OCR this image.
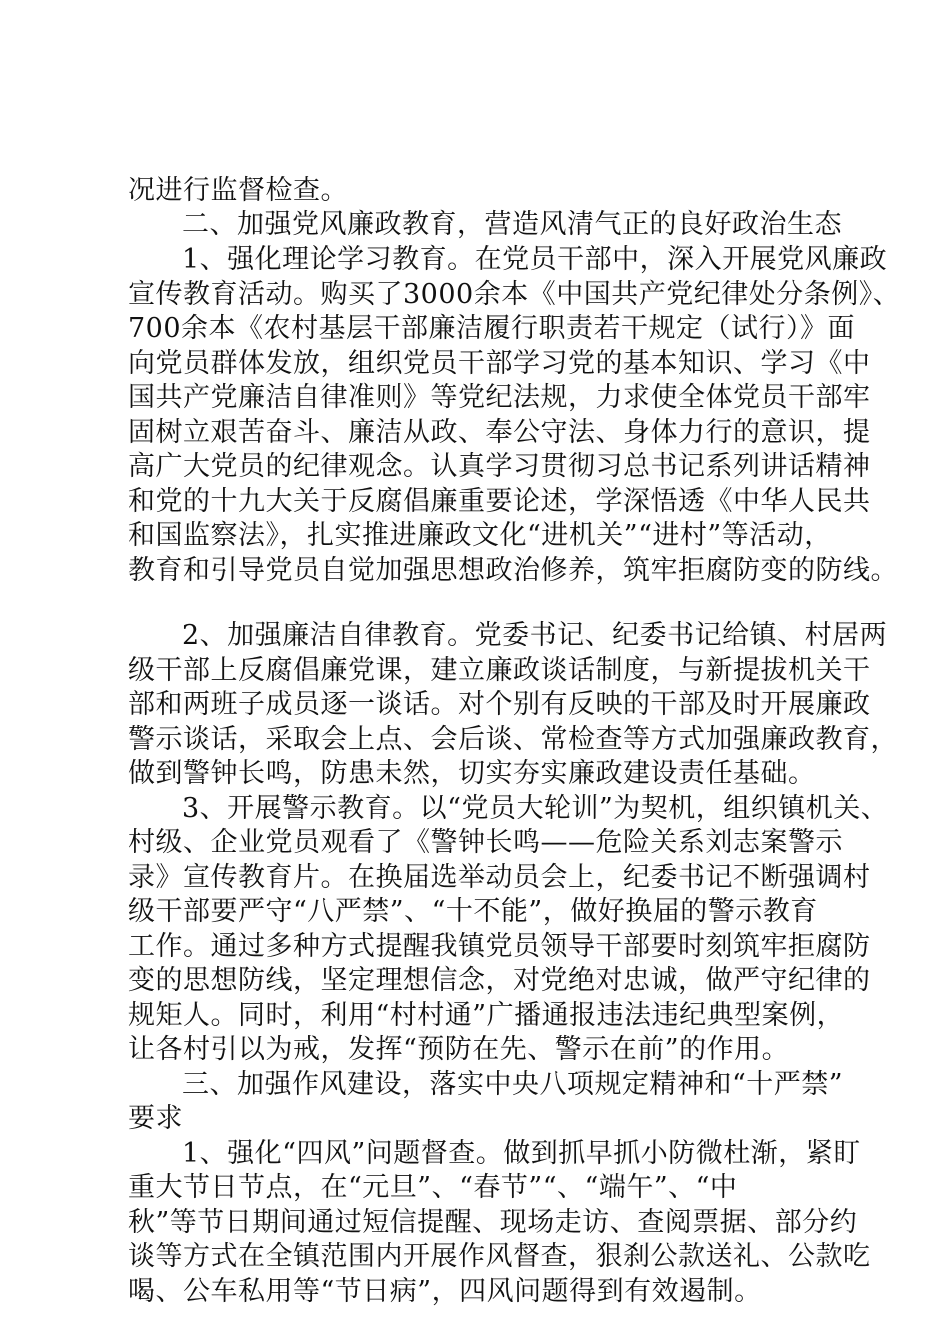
况进行监督检查。
二、加强党风廉政教育，营造风清气正的良好政治生态
1、强化理论学习教育。在党员干部中，深入开展党风廉政
宣传教育活动。购买了3000余本《中国共产党纪律处分条例》、
700余本《农村基层干部廉洁履行职责若干规定（试行）》面
向党员群体发放，组织党员干部学习党的基本知识、学习《中
国共产党廉洁自律准则》等党纪法规，力求使全体党员干部牢
固树立艰苦奋斗、廉洁从政、奉公守法、身体力行的意识，提
高广大党员的纪律观念。认真学习贯彻习总书记系列讲话精神
和党的十九大关于反腐倡廉重要论述，学深悟透《中华人民共
和国监察法》，扎实推进廉政文化“进机关”“进村”等活动，
教育和引导党员自觉加强思想政治修养，筑牢拒腐防变的防线。
2、加强廉洁自律教育。党委书记、纪委书记给镇、村居两
级干部上反腐倡廉党课，建立廉政谈话制度，与新提拔机关干
部和两班子成员逐一谈话。对个别有反映的干部及时开展廉政
警示谈话，采取会上点、会后谈、常检查等方式加强廉政教育，
做到警钟长鸣，防患未然，切实夯实廉政建设责任基础。
3、开展警示教育。以“党员大轮训”为契机，组织镇机关、
村级、企业党员观看了《警钟长鸣——危险关系刘志案警示
录》宣传教育片。在换届选举动员会上，纪委书记不断强调村
级干部要严守“八严禁”、“十不能”，做好换届的警示教育
工作。通过多种方式提醒我镇党员领导干部要时刻筑牢拒腐防
变的思想防线，坚定理想信念，对党绝对忠诚，做严守纪律的
规矩人。同时，利用“村村通”广播通报违法违纪典型案例，
让各村引以为戒，发挥“预防在先、警示在前”的作用。
三、加强作风建设，落实中央八项规定精神和“十严禁”
要求
1、强化“四风”问题督查。做到抓早抓小防微杜渐，紧盯
重大节日节点，在“元旦”、“春节”“、“端午”、“中
秋”等节日期间通过短信提醒、现场走访、查阅票据、部分约
谈等方式在全镇范围内开展作风督查，狠刹公款送礼、公款吃
喝、公车私用等“节日病”，四风问题得到有效遏制。
